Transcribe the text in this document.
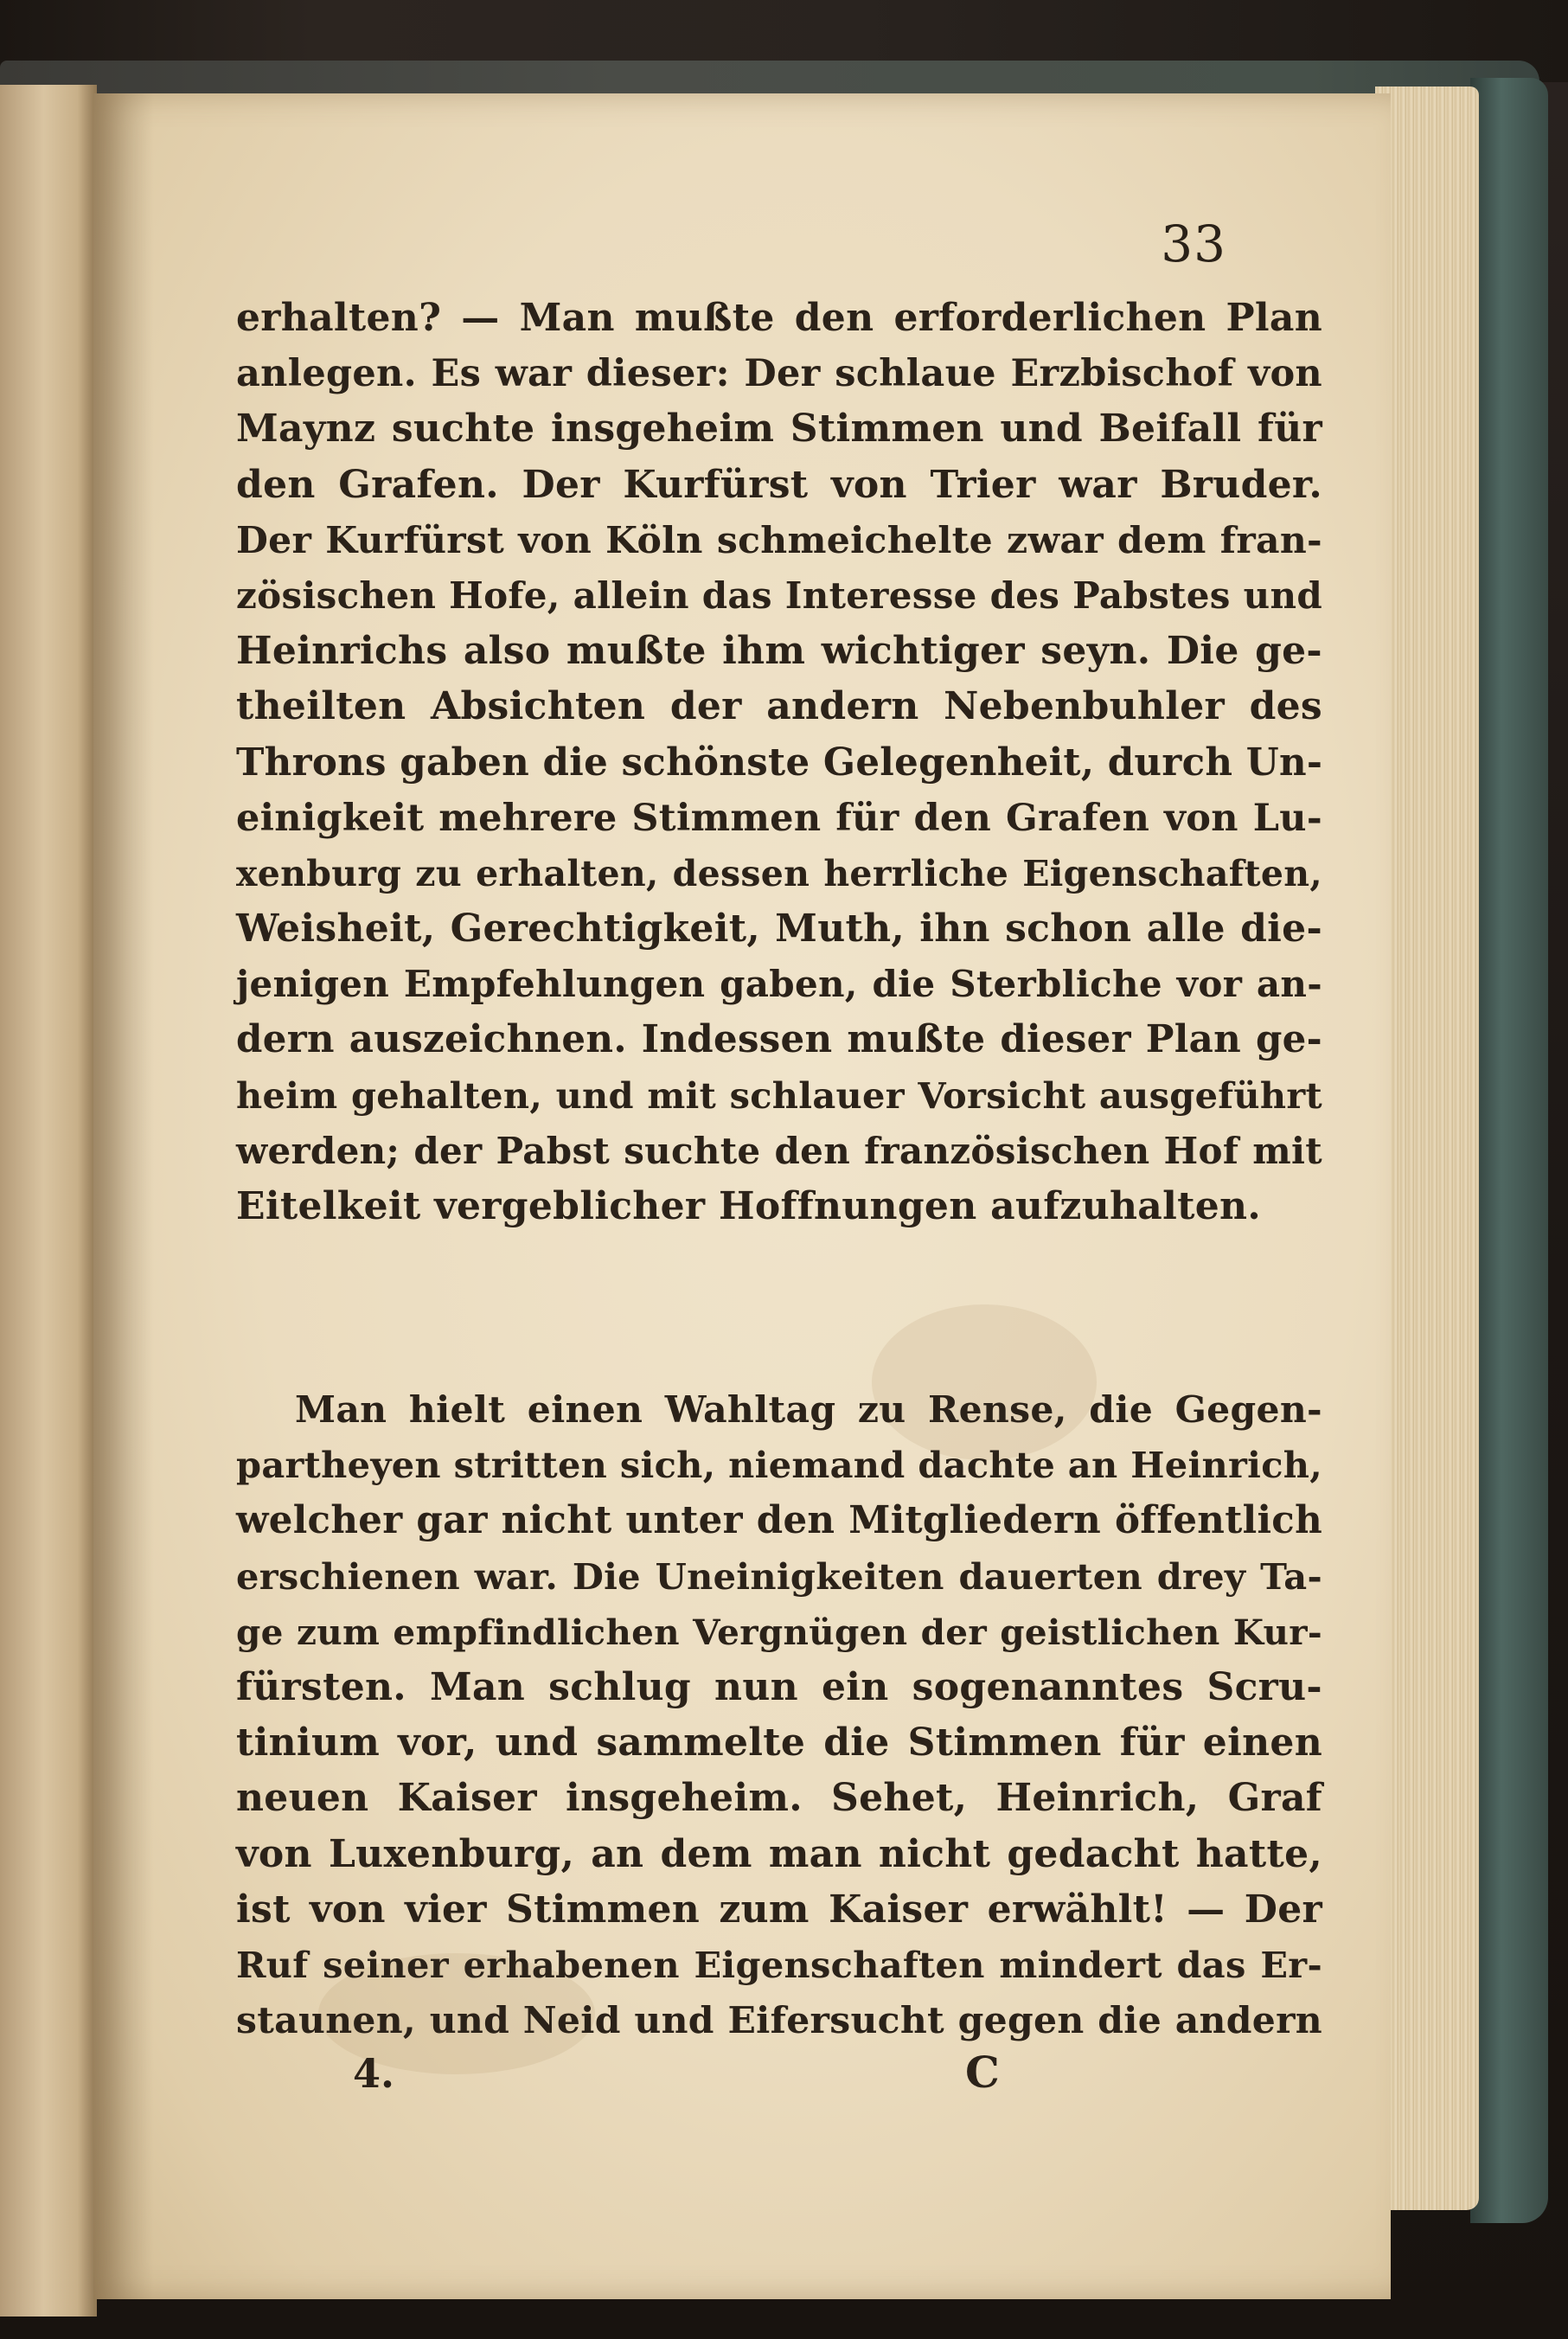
33
erhalten? — Man mußte den erforderlichen Plan
anlegen. Es war dieser: Der schlaue Erzbischof von
Maynz suchte insgeheim Stimmen und Beifall für
den Grafen. Der Kurfürst von Trier war Bruder.
Der Kurfürst von Köln schmeichelte zwar dem fran-
zösischen Hofe, allein das Interesse des Pabstes und
Heinrichs also mußte ihm wichtiger seyn. Die ge-
theilten Absichten der andern Nebenbuhler des
Throns gaben die schönste Gelegenheit, durch Un-
einigkeit mehrere Stimmen für den Grafen von Lu-
xenburg zu erhalten, dessen herrliche Eigenschaften,
Weisheit, Gerechtigkeit, Muth, ihn schon alle die-
jenigen Empfehlungen gaben, die Sterbliche vor an-
dern auszeichnen. Indessen mußte dieser Plan ge-
heim gehalten, und mit schlauer Vorsicht ausgeführt
werden; der Pabst suchte den französischen Hof mit
Eitelkeit vergeblicher Hoffnungen aufzuhalten.
Man hielt einen Wahltag zu Rense, die Gegen-
partheyen stritten sich, niemand dachte an Heinrich,
welcher gar nicht unter den Mitgliedern öffentlich
erschienen war. Die Uneinigkeiten dauerten drey Ta-
ge zum empfindlichen Vergnügen der geistlichen Kur-
fürsten. Man schlug nun ein sogenanntes Scru-
tinium vor, und sammelte die Stimmen für einen
neuen Kaiser insgeheim. Sehet, Heinrich, Graf
von Luxenburg, an dem man nicht gedacht hatte,
ist von vier Stimmen zum Kaiser erwählt! — Der
Ruf seiner erhabenen Eigenschaften mindert das Er-
staunen, und Neid und Eifersucht gegen die andern
4.	C
